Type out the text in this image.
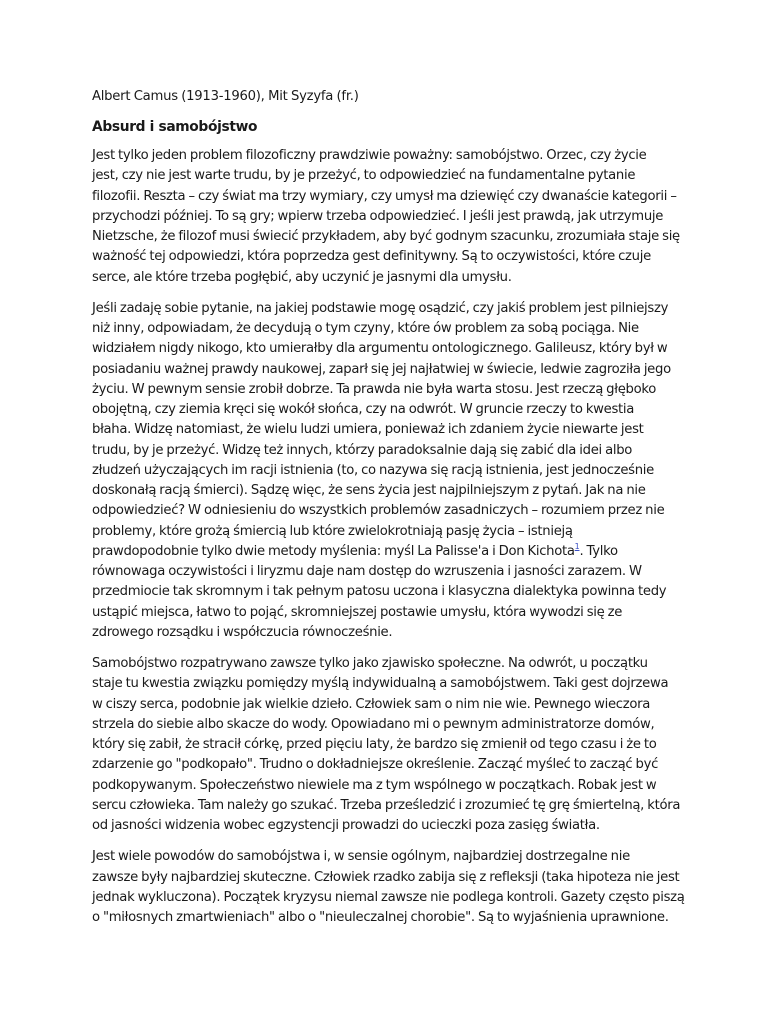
Albert Camus (1913-1960), Mit Syzyfa (fr.)
Absurd i samobójstwo
Jest tylko jeden problem filozoficzny prawdziwie poważny: samobójstwo. Orzec, czy życie
jest, czy nie jest warte trudu, by je przeżyć, to odpowiedzieć na fundamentalne pytanie
filozofii. Reszta – czy świat ma trzy wymiary, czy umysł ma dziewięć czy dwanaście kategorii –
przychodzi później. To są gry; wpierw trzeba odpowiedzieć. I jeśli jest prawdą, jak utrzymuje
Nietzsche, że filozof musi świecić przykładem, aby być godnym szacunku, zrozumiała staje się
ważność tej odpowiedzi, która poprzedza gest definitywny. Są to oczywistości, które czuje
serce, ale które trzeba pogłębić, aby uczynić je jasnymi dla umysłu.
Jeśli zadaję sobie pytanie, na jakiej podstawie mogę osądzić, czy jakiś problem jest pilniejszy
niż inny, odpowiadam, że decydują o tym czyny, które ów problem za sobą pociąga. Nie
widziałem nigdy nikogo, kto umierałby dla argumentu ontologicznego. Galileusz, który był w
posiadaniu ważnej prawdy naukowej, zaparł się jej najłatwiej w świecie, ledwie zagroziła jego
życiu. W pewnym sensie zrobił dobrze. Ta prawda nie była warta stosu. Jest rzeczą głęboko
obojętną, czy ziemia kręci się wokół słońca, czy na odwrót. W gruncie rzeczy to kwestia
błaha. Widzę natomiast, że wielu ludzi umiera, ponieważ ich zdaniem życie niewarte jest
trudu, by je przeżyć. Widzę też innych, którzy paradoksalnie dają się zabić dla idei albo
złudzeń użyczających im racji istnienia (to, co nazywa się racją istnienia, jest jednocześnie
doskonałą racją śmierci). Sądzę więc, że sens życia jest najpilniejszym z pytań. Jak na nie
odpowiedzieć? W odniesieniu do wszystkich problemów zasadniczych – rozumiem przez nie
problemy, które grożą śmiercią lub które zwielokrotniają pasję życia – istnieją
prawdopodobnie tylko dwie metody myślenia: myśl La Palisse'a i Don Kichota$^1$. Tylko
równowaga oczywistości i liryzmu daje nam dostęp do wzruszenia i jasności zarazem. W
przedmiocie tak skromnym i tak pełnym patosu uczona i klasyczna dialektyka powinna tedy
ustąpić miejsca, łatwo to pojąć, skromniejszej postawie umysłu, która wywodzi się ze
zdrowego rozsądku i współczucia równocześnie.
Samobójstwo rozpatrywano zawsze tylko jako zjawisko społeczne. Na odwrót, u początku
staje tu kwestia związku pomiędzy myślą indywidualną a samobójstwem. Taki gest dojrzewa
w ciszy serca, podobnie jak wielkie dzieło. Człowiek sam o nim nie wie. Pewnego wieczora
strzela do siebie albo skacze do wody. Opowiadano mi o pewnym administratorze domów,
który się zabił, że stracił córkę, przed pięciu laty, że bardzo się zmienił od tego czasu i że to
zdarzenie go "podkopało". Trudno o dokładniejsze określenie. Zacząć myśleć to zacząć być
podkopywanym. Społeczeństwo niewiele ma z tym wspólnego w początkach. Robak jest w
sercu człowieka. Tam należy go szukać. Trzeba prześledzić i zrozumieć tę grę śmiertelną, która
od jasności widzenia wobec egzystencji prowadzi do ucieczki poza zasięg światła.
Jest wiele powodów do samobójstwa i, w sensie ogólnym, najbardziej dostrzegalne nie
zawsze były najbardziej skuteczne. Człowiek rzadko zabija się z refleksji (taka hipoteza nie jest
jednak wykluczona). Początek kryzysu niemal zawsze nie podlega kontroli. Gazety często piszą
o "miłosnych zmartwieniach" albo o "nieuleczalnej chorobie". Są to wyjaśnienia uprawnione.
